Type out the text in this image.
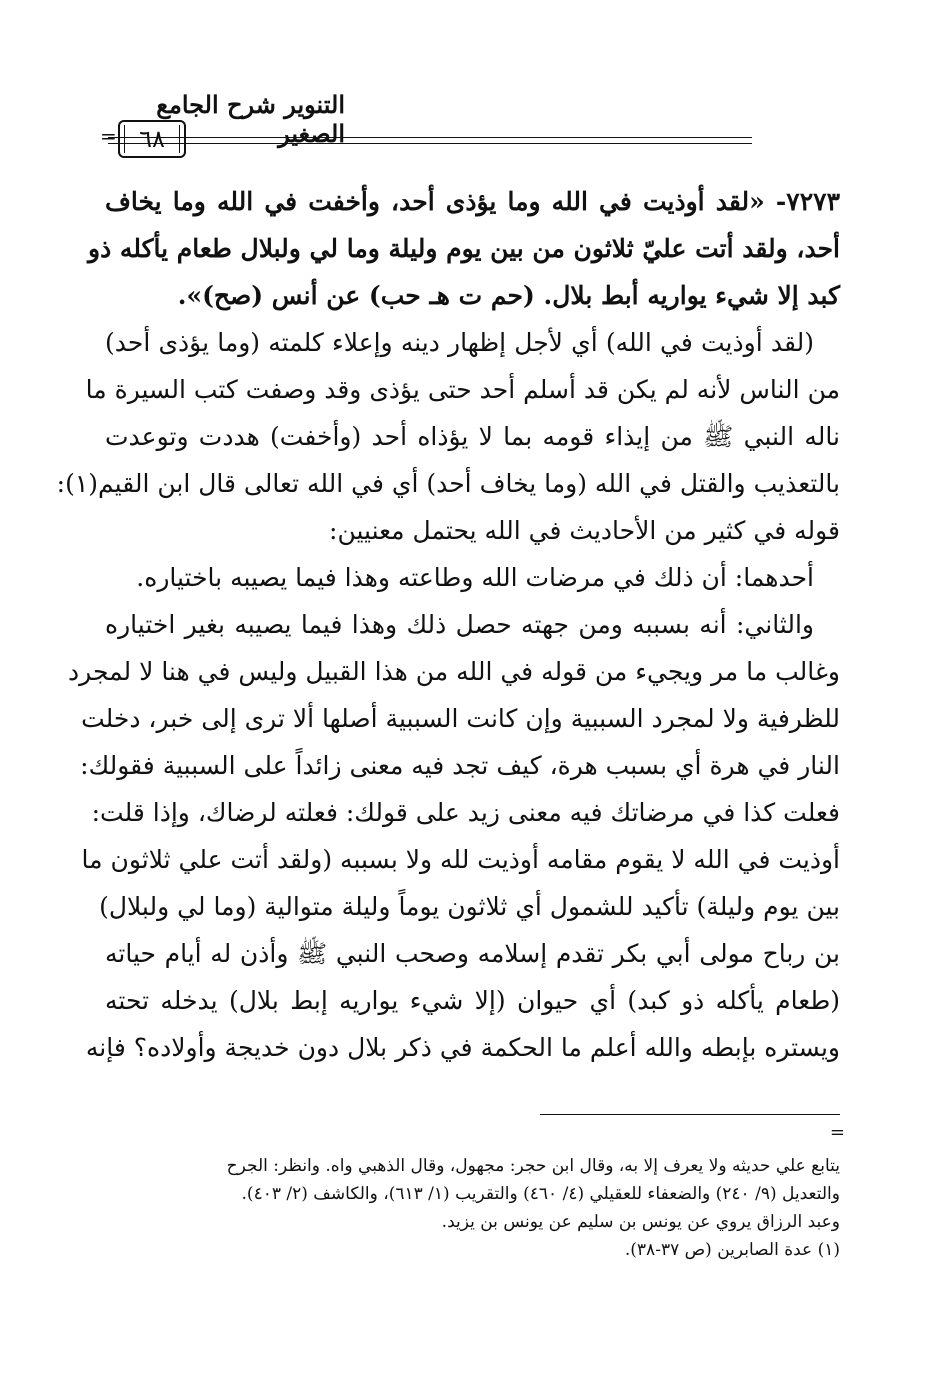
التنوير شرح الجامع الصغير
= ٦٨
٧٢٧٣- «لقد أوذيت في الله وما يؤذى أحد، وأخفت في الله وما يخاف
أحد، ولقد أتت عليّ ثلاثون من بين يوم وليلة وما لي ولبلال طعام يأكله ذو
كبد إلا شيء يواريه أبط بلال. (حم ت هـ حب) عن أنس (صح)».
(لقد أوذيت في الله) أي لأجل إظهار دينه وإعلاء كلمته (وما يؤذى أحد)
من الناس لأنه لم يكن قد أسلم أحد حتى يؤذى وقد وصفت كتب السيرة ما
ناله النبي ﷺ من إيذاء قومه بما لا يؤذاه أحد (وأخفت) هددت وتوعدت
بالتعذيب والقتل في الله (وما يخاف أحد) أي في الله تعالى قال ابن القيم(١):
قوله في كثير من الأحاديث في الله يحتمل معنيين:
أحدهما: أن ذلك في مرضات الله وطاعته وهذا فيما يصيبه باختياره.
والثاني: أنه بسببه ومن جهته حصل ذلك وهذا فيما يصيبه بغير اختياره
وغالب ما مر ويجيء من قوله في الله من هذا القبيل وليس في هنا لا لمجرد
للظرفية ولا لمجرد السببية وإن كانت السببية أصلها ألا ترى إلى خبر، دخلت
النار في هرة أي بسبب هرة، كيف تجد فيه معنى زائداً على السببية فقولك:
فعلت كذا في مرضاتك فيه معنى زيد على قولك: فعلته لرضاك، وإذا قلت:
أوذيت في الله لا يقوم مقامه أوذيت لله ولا بسببه (ولقد أتت علي ثلاثون ما
بين يوم وليلة) تأكيد للشمول أي ثلاثون يوماً وليلة متوالية (وما لي ولبلال)
بن رباح مولى أبي بكر تقدم إسلامه وصحب النبي ﷺ وأذن له أيام حياته
(طعام يأكله ذو كبد) أي حيوان (إلا شيء يواريه إبط بلال) يدخله تحته
ويستره بإبطه والله أعلم ما الحكمة في ذكر بلال دون خديجة وأولاده؟ فإنه
=
يتابع علي حديثه ولا يعرف إلا به، وقال ابن حجر: مجهول، وقال الذهبي واه. وانظر: الجرح
والتعديل (٩/ ٢٤٠) والضعفاء للعقيلي (٤/ ٤٦٠) والتقريب (١/ ٦١٣)، والكاشف (٢/ ٤٠٣).
وعبد الرزاق يروي عن يونس بن سليم عن يونس بن يزيد.
(١) عدة الصابرين (ص ٣٧-٣٨).
